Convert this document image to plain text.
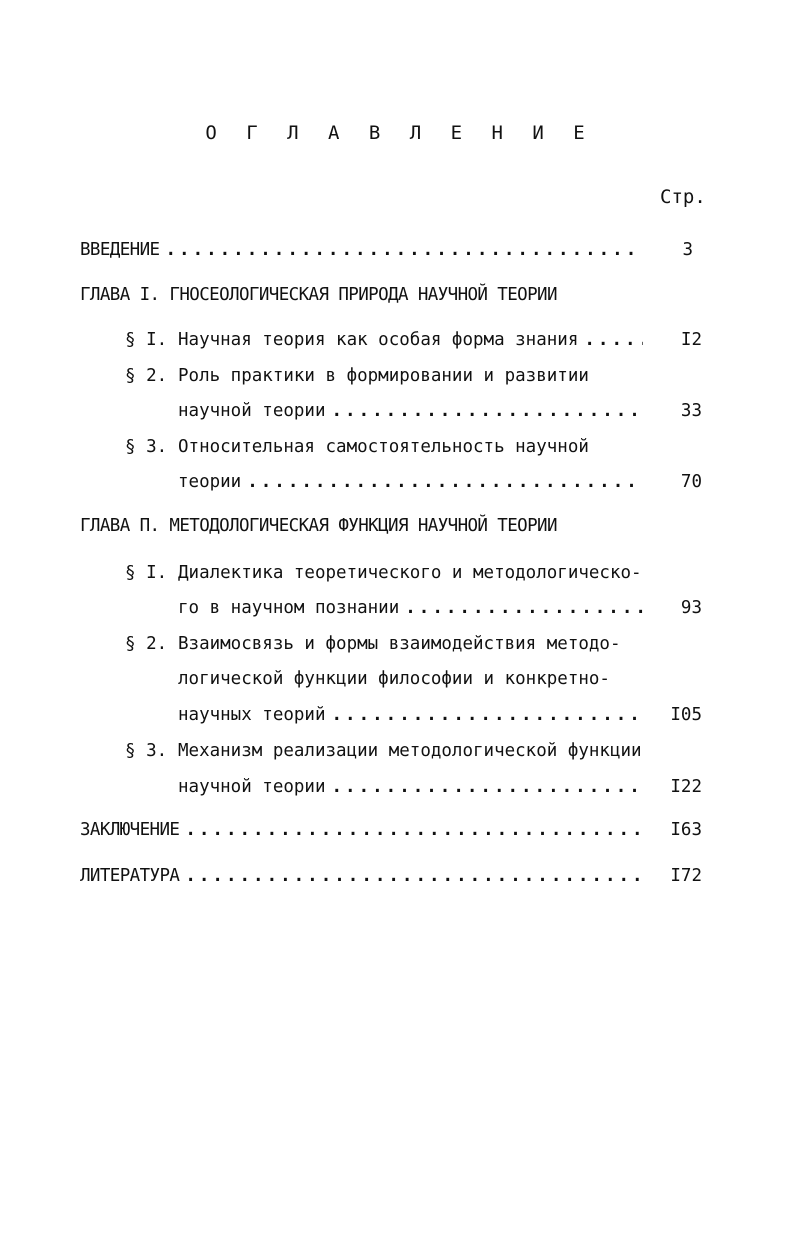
О Г Л А В Л Е Н И Е
Стр.
ВВЕДЕНИЕ .....	3
ГЛАВА I. ГНОСЕОЛОГИЧЕСКАЯ ПРИРОДА НАУЧНОЙ ТЕОРИИ
§ I. Научная теория как особая форма знания .....	I2
§ 2. Роль практики в формировании и развитии
научной теории .....	33
§ 3. Относительная самостоятельность научной
теории .....	70
ГЛАВА П. МЕТОДОЛОГИЧЕСКАЯ ФУНКЦИЯ НАУЧНОЙ ТЕОРИИ
§ I. Диалектика теоретического и методологическо-
го в научном познании .....	93
§ 2. Взаимосвязь и формы взаимодействия методо-
логической функции философии и конкретно-
научных теорий .....	I05
§ 3. Механизм реализации методологической функции
научной теории .....	I22
ЗАКЛЮЧЕНИЕ .....	I63
ЛИТЕРАТУРА .....	I72
